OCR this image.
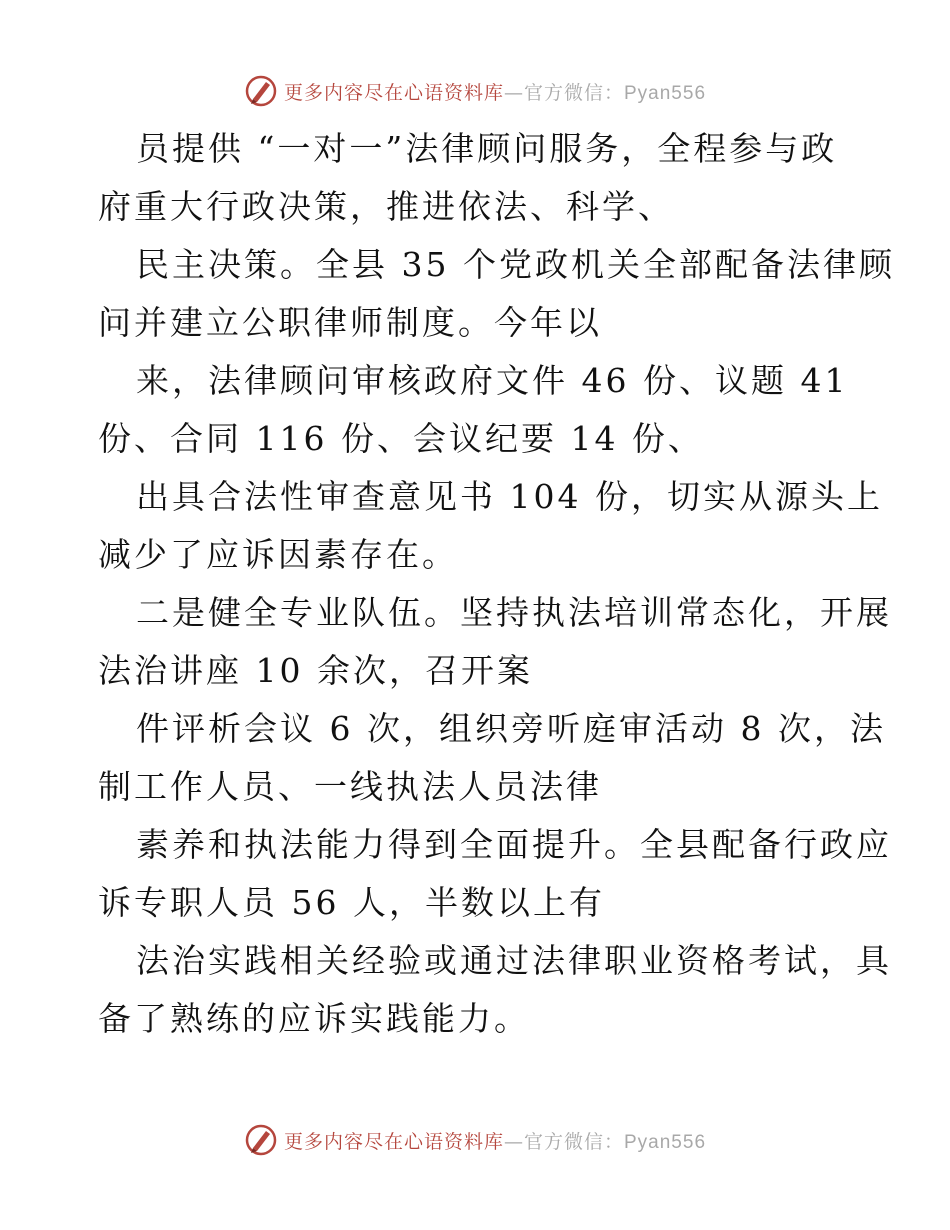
更多内容尽在心语资料库—官方微信：Pyan556
员提供 “一对一”法律顾问服务，全程参与政
府重大行政决策，推进依法、科学、
民主决策。全县 35 个党政机关全部配备法律顾
问并建立公职律师制度。今年以
来，法律顾问审核政府文件 46 份、议题 41
份、合同 116 份、会议纪要 14 份、
出具合法性审查意见书 104 份，切实从源头上
减少了应诉因素存在。
二是健全专业队伍。坚持执法培训常态化，开展
法治讲座 10 余次，召开案
件评析会议 6 次，组织旁听庭审活动 8 次，法
制工作人员、一线执法人员法律
素养和执法能力得到全面提升。全县配备行政应
诉专职人员 56 人，半数以上有
法治实践相关经验或通过法律职业资格考试，具
备了熟练的应诉实践能力。
更多内容尽在心语资料库—官方微信：Pyan556
